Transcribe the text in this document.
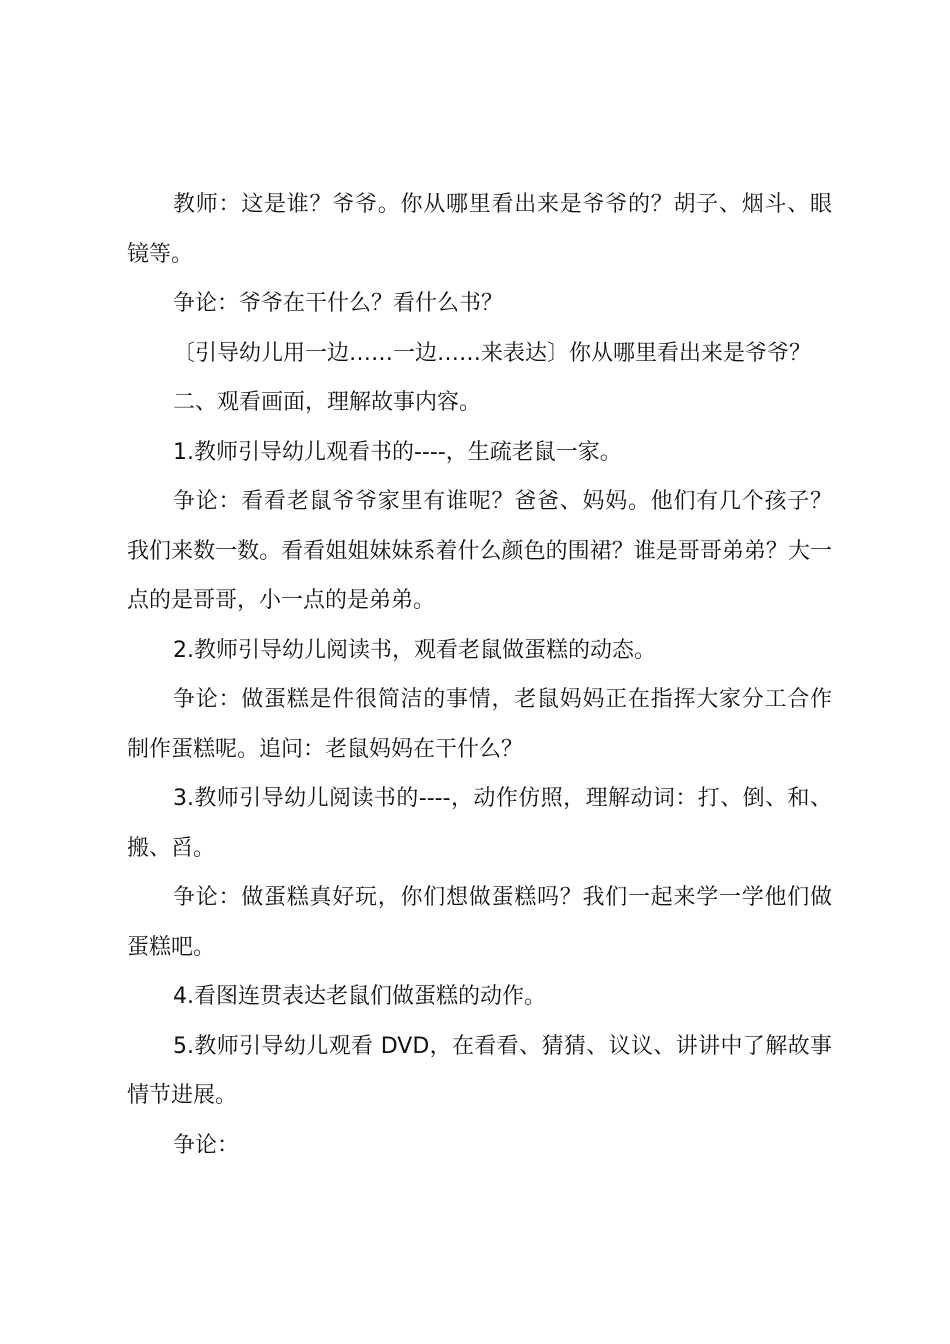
教师：这是谁？爷爷。你从哪里看出来是爷爷的？胡子、烟斗、眼镜等。

争论：爷爷在干什么？看什么书？

〔引导幼儿用一边……一边……来表达〕你从哪里看出来是爷爷？

二、观看画面，理解故事内容。

1.教师引导幼儿观看书的----，生疏老鼠一家。

争论：看看老鼠爷爷家里有谁呢？爸爸、妈妈。他们有几个孩子？我们来数一数。看看姐姐妹妹系着什么颜色的围裙？谁是哥哥弟弟？大一点的是哥哥，小一点的是弟弟。

2.教师引导幼儿阅读书，观看老鼠做蛋糕的动态。

争论：做蛋糕是件很简洁的事情，老鼠妈妈正在指挥大家分工合作制作蛋糕呢。追问：老鼠妈妈在干什么？

3.教师引导幼儿阅读书的----，动作仿照，理解动词：打、倒、和、搬、舀。

争论：做蛋糕真好玩，你们想做蛋糕吗？我们一起来学一学他们做蛋糕吧。

4.看图连贯表达老鼠们做蛋糕的动作。

5.教师引导幼儿观看 DVD，在看看、猜猜、议议、讲讲中了解故事情节进展。

争论：
